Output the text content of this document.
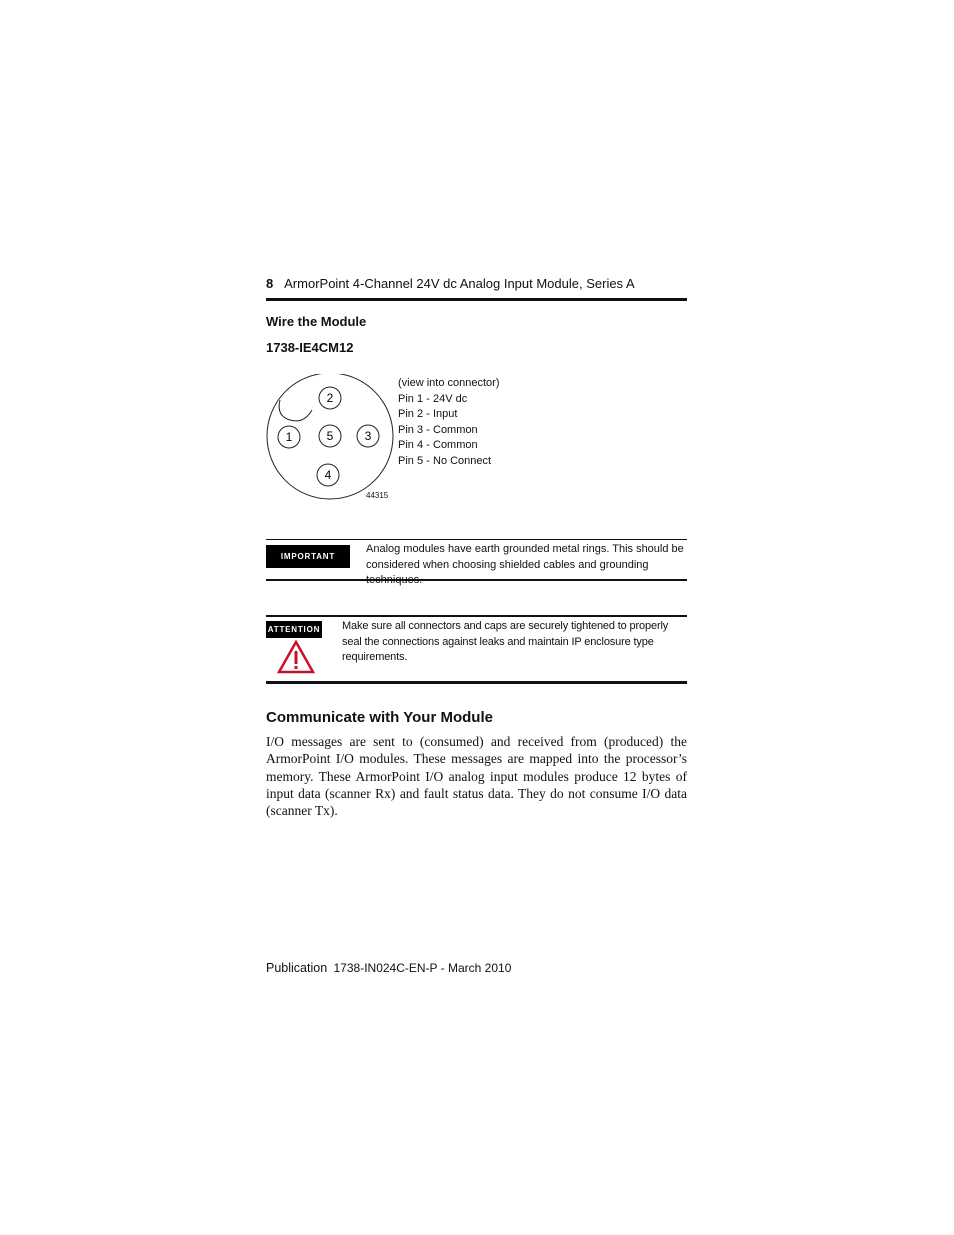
8 ArmorPoint 4-Channel 24V dc Analog Input Module, Series A
Wire the Module
1738-IE4CM12
2
1	5	3
4
(view into connector)
Pin 1 - 24V dc
Pin 2 - Input
Pin 3 - Common
Pin 4 - Common
Pin 5 - No Connect
44315
IMPORTANT
Analog modules have earth grounded metal rings. This should be considered when choosing shielded cables and grounding
ATTENTION Make sure all connectors and caps are securely tightened to properly seal the connections against leaks and maintain IP enclosure type requirements.
Communicate with Your Module
I/O messages are sent to (consumed) and received from (produced) the ArmorPoint I/O modules. These messages are mapped into the processor’s memory. These ArmorPoint I/O analog input modules produce 12 bytes of input data (scanner Rx) and fault status data. They do not consume I/O data (scanner Tx).
Publication 1738-IN024C-EN-P - March 2010
